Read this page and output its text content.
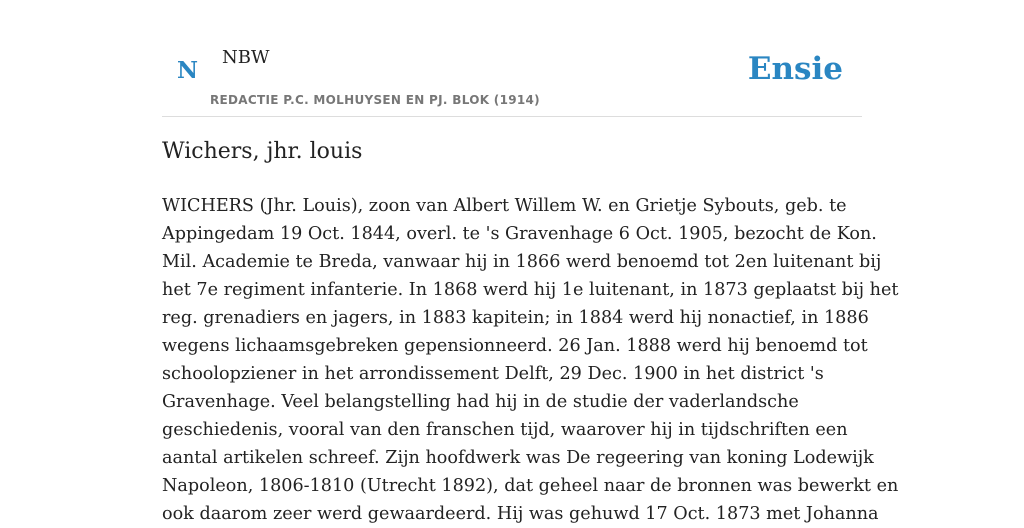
N NBW
REDACTIE P.C. MOLHUYSEN EN PJ. BLOK (1914)
Ensie
Wichers, jhr. louis

WICHERS (Jhr. Louis), zoon van Albert Willem W. en Grietje Sybouts, geb. te
Appingedam 19 Oct. 1844, overl. te 's Gravenhage 6 Oct. 1905, bezocht de Kon.
Mil. Academie te Breda, vanwaar hij in 1866 werd benoemd tot 2en luitenant bij
het 7e regiment infanterie. In 1868 werd hij 1e luitenant, in 1873 geplaatst bij het
reg. grenadiers en jagers, in 1883 kapitein; in 1884 werd hij nonactief, in 1886
wegens lichaamsgebreken gepensionneerd. 26 Jan. 1888 werd hij benoemd tot
schoolopziener in het arrondissement Delft, 29 Dec. 1900 in het district 's
Gravenhage. Veel belangstelling had hij in de studie der vaderlandsche
geschiedenis, vooral van den franschen tijd, waarover hij in tijdschriften een
aantal artikelen schreef. Zijn hoofdwerk was De regeering van koning Lodewijk
Napoleon, 1806-1810 (Utrecht 1892), dat geheel naar de bronnen was bewerkt en
ook daarom zeer werd gewaardeerd. Hij was gehuwd 17 Oct. 1873 met Johanna
